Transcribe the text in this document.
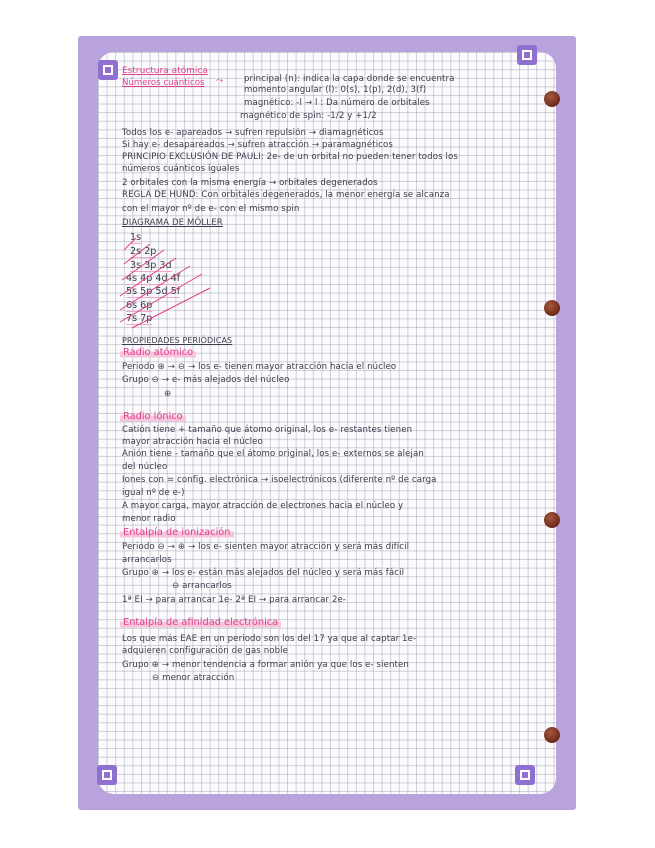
Estructura atómica
Números cuánticos ⤳ principal (n): indica la capa donde se encuentra
momento angular (l): 0(s), 1(p), 2(d), 3(f)
magnético: -l → l : Da número de orbitales
magnético de spin: -1/2 y +1/2
Todos los e- apareados → sufren repulsión → diamagnéticos
Si hay e- desapareados → sufren atracción → paramagnéticos
PRINCIPIO EXCLUSIÓN DE PAULI: 2e- de un orbital no pueden tener todos los
números cuánticos iguales
2 orbitales con la misma energía → orbitales degenerados
REGLA DE HUND: Con orbitales degenerados, la menor energía se alcanza
con el mayor nº de e- con el mismo spin
DIAGRAMA DE MÖLLER
1s
2s 2p
3s 3p 3d
4s 4p 4d 4f
5s 5p 5d 5f
6s 6p
7s 7p
PROPIEDADES PERIÓDICAS
Radio atómico
Periodo ⊕ → ⊖ → los e- tienen mayor atracción hacia el núcleo
Grupo ⊖ → e- más alejados del núcleo
⊕
Radio iónico
Catión tiene + tamaño que átomo original, los e- restantes tienen
mayor atracción hacia el núcleo
Anión tiene - tamaño que el átomo original, los e- externos se alejan
del núcleo
Iones con = config. electrónica → isoelectrónicos (diferente nº de carga
igual nº de e-)
A mayor carga, mayor atracción de electrones hacia el núcleo y
menor radio
Entalpía de ionización
Periodo ⊖ → ⊕ → los e- sienten mayor atracción y será más difícil
arrancarlos
Grupo ⊕ → los e- están más alejados del núcleo y será más fácil
⊖ arrancarlos
1ª EI → para arrancar 1e- 2ª EI → para arrancar 2e-
Entalpía de afinidad electrónica
Los que más EAE en un periodo son los del 17 ya que al captar 1e-
adquieren configuración de gas noble
Grupo ⊕ → menor tendencia a formar anión ya que los e- sienten
⊖ menor atracción
